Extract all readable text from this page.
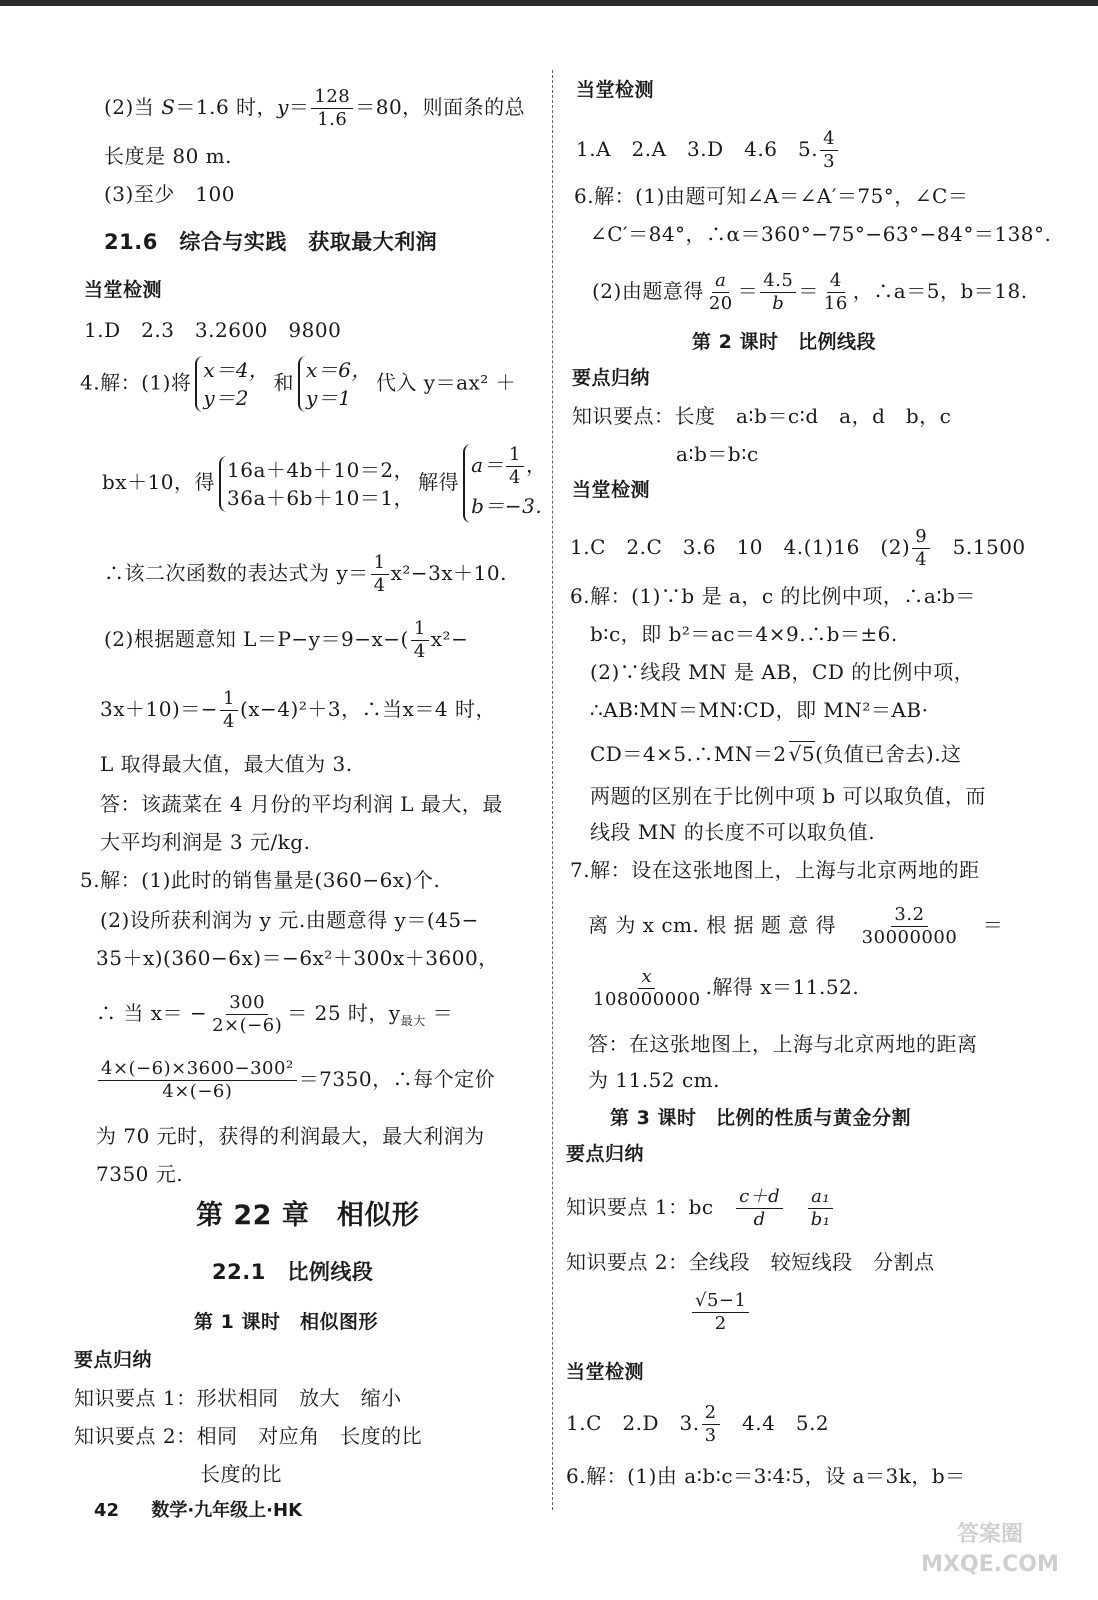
(2)当 S＝1.6 时，$y= \frac{128}{1.6} =80$，则面条的总
长度是 80 m.
(3)至少　100
21.6　综合与实践　获取最大利润
当堂检测
1.D　2.3　3.2600　9800
4.解：(1)将
x＝4，
y＝2
和
x＝6，
y＝1
代入 y＝ax² ＋
bx＋10，得
16a＋4b＋10＝2，
36a＋6b＋10＝1，
解得
$a= \frac{1}{4}$ ，
b＝−3.
∴该二次函数的表达式为 $y= \frac{1}{4} x^2-3x+10$.
(2)根据题意知 $L=P-y=9-x-( \frac{1}{4} x^2-$
$3x+10)=- \frac{1}{4} (x-4)^2+3$，∴当x＝4 时，
L 取得最大值，最大值为 3.
答：该蔬菜在 4 月份的平均利润 L 最大，最
大平均利润是 3 元/kg.
5.解：(1)此时的销售量是(360−6x)个.
(2)设所获利润为 y 元.由题意得 y＝(45−
35＋x)(360−6x)＝−6x²＋300x＋3600，
∴ 当 $x= - \frac{300}{2\times(-6)} = 25$ 时，$y_{最大}$ ＝
$\frac{\text{4×(−6)×3600−300²}}{4\times(-6)} =7350$，∴每个定价
为 70 元时，获得的利润最大，最大利润为
7350 元.
第 22 章　相似形
22.1　比例线段
第 1 课时　相似图形
要点归纳
知识要点 1：形状相同　放大　缩小
知识要点 2：相同　对应角　长度的比
长度的比
当堂检测
1.A　2.A　3.D　4.6　5. $\frac{4}{3}$
6.解：(1)由题可知∠A＝∠A′＝75°，∠C＝
∠C′＝84°，∴α＝360°−75°−63°−84°＝138°.
(2)由题意得 $\frac{a}{20} = \frac{4.5}{b} = \frac{4}{16}$ ，∴a＝5，b＝18.
第 2 课时　比例线段
要点归纳
知识要点：长度　a∶b＝c∶d　a，d　b，c
a∶b＝b∶c
当堂检测
1.C　2.C　3.6　10　4.(1)16　$(2) \frac{9}{4}$ 　5.1500
6.解：(1)∵b 是 a，c 的比例中项，∴a∶b＝
b∶c，即 b²＝ac＝4×9.∴b＝±6.
(2)∵线段 MN 是 AB，CD 的比例中项，
∴AB∶MN＝MN∶CD，即 MN²＝AB·
CD＝4×5.∴MN＝2 √5(负值已舍去).这
两题的区别在于比例中项 b 可以取负值，而
线段 MN 的长度不可以取负值.
7.解：设在这张地图上，上海与北京两地的距
离 为 x cm. 根 据 题 意 得　 $\frac{3.2}{30000000}$
　 ＝
$\frac{x}{108000000}$ .解得 x＝11.52.
答：在这张地图上，上海与北京两地的距离
为 11.52 cm.
第 3 课时　比例的性质与黄金分割
要点归纳
知识要点 1：bc　 $\frac{c+d}{d}$
　 $\frac{\text{a₁}}{\text{b₁}}$
知识要点 2：全线段　较短线段　分割点
$\frac{√5-1}{2}$
当堂检测
1.C　2.D　3. $\frac{2}{3}$ 　4.4　5.2
6.解：(1)由 a∶b∶c＝3∶4∶5，设 a＝3k，b＝
42 数学·九年级上·HK
答案圈
MXQE.COM
